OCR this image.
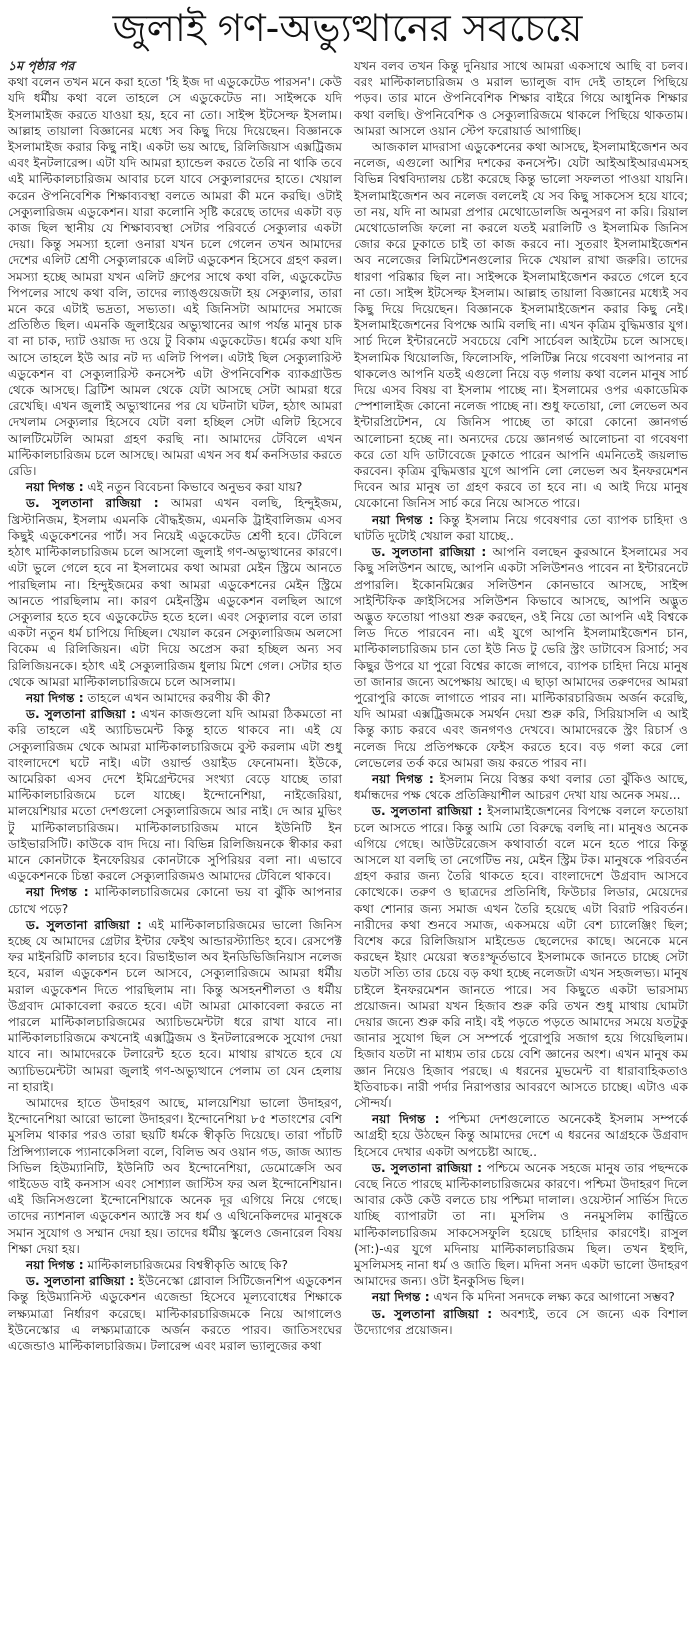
জুলাই গণ-অভ্যুত্থানের সবচেয়ে

১ম পৃষ্ঠার পর

কথা বলেন তখন মনে করা হতো 'হি ইজ দা এডুকেটেড পারসন'। কেউ যদি ধর্মীয় কথা বলে তাহলে সে এডুকেটেড না। সাইন্সকে যদি ইসলামাইজ করতে যাওয়া হয়, হবে না তো। সাইন্স ইটসেল্ফ ইসলাম। আল্লাহ তায়ালা বিজ্ঞানের মধ্যে সব কিছু দিয়ে দিয়েছেন। বিজ্ঞানকে ইসলামাইজ করার কিছু নাই। একটা ভয় আছে, রিলিজিয়াস এক্সট্রিজম এবং ইনটলারেন্স। এটা যদি আমরা হ্যান্ডেল করতে তৈরি না থাকি তবে এই মাল্টিকালচারিজম আবার চলে যাবে সেক্যুলারদের হাতে। খেয়াল করেন ঔপনিবেশিক শিক্ষাব্যবস্থা বলতে আমরা কী মনে করছি। ওটাই সেক্যুলারিজম এডুকেশন। যারা কলোনি সৃষ্টি করেছে তাদের একটা বড় কাজ ছিল স্থানীয় যে শিক্ষাব্যবস্থা সেটার পরিবর্তে সেক্যুলার একটা দেয়া। কিন্তু সমস্যা হলো ওনারা যখন চলে গেলেন তখন আমাদের দেশের এলিট শ্রেণী সেক্যুলারকে এলিট এডুকেশন হিসেবে গ্রহণ করল। সমস্যা হচ্ছে আমরা যখন এলিট গ্রুপের সাথে কথা বলি, এডুকেটেড পিপলের সাথে কথা বলি, তাদের ল্যাঙ্গুয়েজটা হয় সেক্যুলার, তারা মনে করে এটাই ভদ্রতা, সভ্যতা। এই জিনিসটা আমাদের সমাজে প্রতিষ্ঠিত ছিল। এমনকি জুলাইয়ের অভ্যুত্থানের আগ পর্যন্ত মানুষ চাক বা না চাক, দ্যাট ওয়াজ দ্য ওয়ে টু বিকাম এডুকেটেড। ধর্মের কথা যদি আসে তাহলে ইউ আর নট দ্য এলিট পিপল। এটাই ছিল সেক্যুলারিস্ট এডুকেশন বা সেক্যুলারিস্ট কনসেপ্ট এটা ঔপনিবেশিক ব্যাকগ্রাউন্ড থেকে আসছে। ব্রিটিশ আমল থেকে যেটা আসছে সেটা আমরা ধরে রেখেছি। এখন জুলাই অভ্যুত্থানের পর যে ঘটনাটা ঘটল, হঠাৎ আমরা দেখলাম সেক্যুলার হিসেবে যেটা বলা হচ্ছিল সেটা এলিট হিসেবে আলটিমেটলি আমরা গ্রহণ করছি না। আমাদের টেবিলে এখন মাল্টিকালচারিজম চলে আসছে। আমরা এখন সব ধর্ম কনসিডার করতে রেডি।

নয়া দিগন্ত : এই নতুন বিবেচনা কিভাবে অনুভব করা যায়?

ড. সুলতানা রাজিয়া : আমরা এখন বলছি, হিন্দুইজম, খ্রিস্টানিজম, ইসলাম এমনকি বৌদ্ধইজম, এমনকি ট্রাইবালিজম এসব কিছুই এডুকেশনের পার্ট। সব নিয়েই এডুকেটেড শ্রেণী হবে। টেবিলে হঠাৎ মাল্টিকালচারিজম চলে আসলো জুলাই গণ-অভ্যুত্থানের কারণে। এটা ভুলে গেলে হবে না ইসলামের কথা আমরা মেইন স্ট্রিমে আনতে পারছিলাম না। হিন্দুইজমের কথা আমরা এডুকেশনের মেইন স্ট্রিমে আনতে পারছিলাম না। কারণ মেইনস্ট্রিম এডুকেশন বলছিল আগে সেক্যুলার হতে হবে এডুকেটেড হতে হলে। এবং সেক্যুলার বলে তারা একটা নতুন ধর্ম চাপিয়ে দিচ্ছিল। খেয়াল করেন সেক্যুলারিজম অলসো বিকেম এ রিলিজিয়ন। এটা দিয়ে অপ্রেস করা হচ্ছিল অন্য সব রিলিজিয়নকে। হঠাৎ এই সেক্যুলারিজম ধুলায় মিশে গেল। সেটার হাত থেকে আমরা মাল্টিকালচারিজমে চলে আসলাম।

নয়া দিগন্ত : তাহলে এখন আমাদের করণীয় কী কী?

ড. সুলতানা রাজিয়া : এখন কাজগুলো যদি আমরা ঠিকমতো না করি তাহলে এই অ্যাচিভমেন্ট কিন্তু হাতে থাকবে না। এই যে সেক্যুলারিজম থেকে আমরা মাল্টিকালচারিজমে বুস্ট করলাম এটা শুধু বাংলাদেশে ঘটে নাই। এটা ওয়ার্ল্ড ওয়াইড ফেনোমনা। ইউকে, আমেরিকা এসব দেশে ইমিগ্রেন্টদের সংখ্যা বেড়ে যাচ্ছে তারা মাল্টিকালচারিজমে চলে যাচ্ছে। ইন্দোনেশিয়া, নাইজেরিয়া, মালয়েশিয়ার মতো দেশগুলো সেক্যুলারিজমে আর নাই। দে আর মুভিং টু মাল্টিকালচারিজম। মাল্টিকালচারিজম মানে ইউনিটি ইন ডাইভারসিটি। কাউকে বাদ দিয়ে না। বিভিন্ন রিলিজিয়নকে স্বীকার করা মানে কোনটাকে ইনফেরিয়র কোনটাকে সুপিরিয়র বলা না। এভাবে এডুকেশনকে চিন্তা করলে সেক্যুলারিজমও আমাদের টেবিলে থাকবে।

নয়া দিগন্ত : মাল্টিকালচারিজমের কোনো ভয় বা ঝুঁকি আপনার চোখে পড়ে?

ড. সুলতানা রাজিয়া : এই মাল্টিকালচারিজমের ভালো জিনিস হচ্ছে যে আমাদের গ্রেটার ইন্টার ফেইথ আন্ডারস্ট্যান্ডিং হবে। রেসপেক্ট ফর মাইনরিটি কালচার হবে। রিভাইভাল অব ইনডিভিজিনিয়াস নলেজ হবে, মরাল এডুকেশন চলে আসবে, সেক্যুলারিজমে আমরা ধর্মীয় মরাল এডুকেশন দিতে পারছিলাম না। কিন্তু অসহনশীলতা ও ধর্মীয় উগ্রবাদ মোকাবেলা করতে হবে। এটা আমরা মোকাবেলা করতে না পারলে মাল্টিকালচারিজমের অ্যাচিভমেন্টটা ধরে রাখা যাবে না। মাল্টিকালচারিজমে কখনোই এক্সট্রিজম ও ইনটলারেন্সকে সুযোগ দেয়া যাবে না। আমাদেরকে টলারেন্ট হতে হবে। মাথায় রাখতে হবে যে অ্যাচিভমেন্টটা আমরা জুলাই গণ-অভ্যুত্থানে পেলাম তা যেন হেলায় না হারাই।

আমাদের হাতে উদাহরণ আছে, মালয়েশিয়া ভালো উদাহরণ, ইন্দোনেশিয়া আরো ভালো উদাহরণ। ইন্দোনেশিয়া ৮৫ শতাংশের বেশি মুসলিম থাকার পরও তারা ছয়টি ধর্মকে স্বীকৃতি দিয়েছে। তারা পাঁচটি প্রিন্সিপ্যালকে প্যানাকেসিলা বলে, বিলিভ অব ওয়ান গড, জাজ অ্যান্ড সিভিল হিউম্যানিটি, ইউনিটি অব ইন্দোনেশিয়া, ডেমোক্রেসি অব গাইডেড বাই কনসাস এবং সোশ্যাল জাস্টিস ফর অল ইন্দোনেশিয়ান। এই জিনিসগুলো ইন্দোনেশিয়াকে অনেক দূর এগিয়ে নিয়ে গেছে। তাদের ন্যাশনাল এডুকেশন অ্যাক্টে সব ধর্ম ও এথিনেকিলদের মানুষকে সমান সুযোগ ও সম্মান দেয়া হয়। তাদের ধর্মীয় স্কুলেও জেনারেল বিষয় শিক্ষা দেয়া হয়।

নয়া দিগন্ত : মাল্টিকালচারিজমের বিশ্বস্বীকৃতি আছে কি?

ড. সুলতানা রাজিয়া : ইউনেস্কো গ্লোবাল সিটিজেনশিপ এডুকেশন কিন্তু হিউম্যানিস্ট এডুকেশন এজেন্ডা হিসেবে মূল্যবোধের শিক্ষাকে লক্ষ্যমাত্রা নির্ধারণ করেছে। মাল্টিকারচারিজমকে নিয়ে আগালেও ইউনেস্কোর এ লক্ষ্যমাত্রাকে অর্জন করতে পারব। জাতিসংঘের এজেন্ডাও মাল্টিকালচারিজম। টলারেন্স এবং মরাল ভ্যালুজের কথা

যখন বলব তখন কিন্তু দুনিয়ার সাথে আমরা একসাথে আছি বা চলব। বরং মাল্টিকালচারিজম ও মরাল ভ্যালুজ বাদ দেই তাহলে পিছিয়ে পড়ব। তার মানে ঔপনিবেশিক শিক্ষার বাইরে গিয়ে আধুনিক শিক্ষার কথা বলছি। ঔপনিবেশিক ও সেক্যুলারিজমে থাকলে পিছিয়ে থাকতাম। আমরা আসলে ওয়ান স্টেপ ফরোয়ার্ড আগাচ্ছি।

আজকাল মাদরাসা এডুকেশনের কথা আসছে, ইসলামাইজেশন অব নলেজ, এগুলো আশির দশকের কনসেপ্ট। যেটা আইআইআরএমসহ বিভিন্ন বিশ্ববিদ্যালয় চেষ্টা করেছে কিন্তু ভালো সফলতা পাওয়া যায়নি। ইসলামাইজেশন অব নলেজ বললেই যে সব কিছু সাকসেস হয়ে যাবে; তা নয়, যদি না আমরা প্রপার মেথোডোলজি অনুসরণ না করি। রিয়াল মেথোডোলজি ফলো না করলে যতই মরালিটি ও ইসলামিক জিনিস জোর করে ঢুকাতে চাই তা কাজ করবে না। সুতরাং ইসলামাইজেশন অব নলেজের লিমিটেশনগুলোর দিকে খেয়াল রাখা জরুরি। তাদের ধারণা পরিষ্কার ছিল না। সাইন্সকে ইসলামাইজেশন করতে গেলে হবে না তো। সাইন্স ইটসেল্ফ ইসলাম। আল্লাহ তায়ালা বিজ্ঞানের মধ্যেই সব কিছু দিয়ে দিয়েছেন। বিজ্ঞানকে ইসলামাইজেশন করার কিছু নেই। ইসলামাইজেশনের বিপক্ষে আমি বলছি না। এখন কৃত্রিম বুদ্ধিমত্তার যুগ। সার্চ দিলে ইন্টারনেটে সবচেয়ে বেশি সার্চেবল আইটেম চলে আসছে। ইসলামিক থিয়োলজি, ফিলোসফি, পলিটিক্স নিয়ে গবেষণা আপনার না থাকলেও আপনি যতই এগুলো নিয়ে বড় গলায় কথা বলেন মানুষ সার্চ দিয়ে এসব বিষয় বা ইসলাম পাচ্ছে না। ইসলামের ওপর একাডেমিক স্পেশালাইজ কোনো নলেজ পাচ্ছে না। শুধু ফতোয়া, লো লেভেল অব ইন্টারপ্রিটেশন, যে জিনিস পাচ্ছে তা কারো কোনো জ্ঞানগর্ভ আলোচনা হচ্ছে না। অন্যদের চেয়ে জ্ঞানগর্ভ আলোচনা বা গবেষণা করে তো যদি ডাটাবেজে ঢুকাতে পারেন আপনি এমনিতেই জয়লাভ করবেন। কৃত্রিম বুদ্ধিমত্তার যুগে আপনি লো লেভেল অব ইনফরমেশন দিবেন আর মানুষ তা গ্রহণ করবে তা হবে না। এ আই দিয়ে মানুষ যেকোনো জিনিস সার্চ করে নিয়ে আসতে পারে।

নয়া দিগন্ত : কিন্তু ইসলাম নিয়ে গবেষণার তো ব্যাপক চাহিদা ও ঘাটতি দুটোই খেয়াল করা যাচ্ছে..

ড. সুলতানা রাজিয়া : আপনি বলছেন কুরআনে ইসলামের সব কিছু সলিউশন আছে, আপনি একটা সলিউশনও পাবেন না ইন্টারনেটে প্রপারলি। ইকোনমিক্সের সলিউশন কোনভাবে আসছে, সাইন্স সাইন্টিফিক ক্রাইসিসের সলিউশন কিভাবে আসছে, আপনি অদ্ভুত অদ্ভুত ফতোয়া পাওয়া শুরু করছেন, ওই নিয়ে তো আপনি এই বিশ্বকে লিড দিতে পারবেন না। এই যুগে আপনি ইসলামাইজেশন চান, মাল্টিকালচারিজম চান তো ইউ নিড টু ভেরি স্ট্রং ডাটাবেস রিসার্চ; সব কিছুর উপরে যা পুরো বিশ্বের কাজে লাগবে, ব্যাপক চাহিদা নিয়ে মানুষ তা জানার জন্যে অপেক্ষায় আছে। এ ছাড়া আমাদের তরুণদের আমরা পুরোপুরি কাজে লাগাতে পারব না। মাল্টিকারচারিজম অর্জন করেছি, যদি আমরা এক্সট্রিজমকে সমর্থন দেয়া শুরু করি, সিরিয়াসলি এ আই কিন্তু ক্যাচ করবে এবং জনগণও দেখবে। আমাদেরকে স্ট্রং রিচার্স ও নলেজ দিয়ে প্রতিপক্ষকে ফেইস করতে হবে। বড় গলা করে লো লেভেলের তর্ক করে আমরা জয় করতে পারব না।

নয়া দিগন্ত : ইসলাম নিয়ে বিস্তর কথা বলার তো ঝুঁকিও আছে, ধর্মান্ধদের পক্ষ থেকে প্রতিক্রিয়াশীল আচরণ দেখা যায় অনেক সময়...

ড. সুলতানা রাজিয়া : ইসলামাইজেশনের বিপক্ষে বললে ফতোয়া চলে আসতে পারে। কিন্তু আমি তো বিরুদ্ধে বলছি না। মানুষও অনেক এগিয়ে গেছে। আউটরেজেস কথাবার্তা বলে মনে হতে পারে কিন্তু আসলে যা বলছি তা নেগেটিভ নয়, মেইন স্ট্রিম টক। মানুষকে পরিবর্তন গ্রহণ করার জন্য তৈরি থাকতে হবে। বাংলাদেশে উগ্রবাদ আসবে কোত্থেকে। তরুণ ও ছাত্রদের প্রতিনিধি, ফিউচার লিডার, মেয়েদের কথা শোনার জন্য সমাজ এখন তৈরি হয়েছে এটা বিরাট পরিবর্তন। নারীদের কথা শুনবে সমাজ, একসময়ে এটা বেশ চ্যালেঞ্জিং ছিল; বিশেষ করে রিলিজিয়াস মাইন্ডেড ছেলেদের কাছে। অনেকে মনে করছেন ইয়াং মেয়েরা স্বতঃস্ফূর্তভাবে ইসলামকে জানতে চাচ্ছে সেটা যতটা সত্যি তার চেয়ে বড় কথা হচ্ছে নলেজটা এখন সহজলভ্য। মানুষ চাইলে ইনফরমেশন জানতে পারে। সব কিছুতে একটা ভারসাম্য প্রয়োজন। আমরা যখন হিজাব শুরু করি তখন শুধু মাথায় ঘোমটা দেয়ার জন্যে শুরু করি নাই। বই পড়তে পড়তে আমাদের সময়ে যতটুকু জানার সুযোগ ছিল সে সম্পর্কে পুরোপুরি সজাগ হয়ে গিয়েছিলাম। হিজাব যতটা না মাধ্যম তার চেয়ে বেশি জ্ঞানের অংশ। এখন মানুষ কম জ্ঞান নিয়েও হিজাব পরছে। এ ধরনের মুভমেন্ট বা ধারাবাহিকতাও ইতিবাচক। নারী পর্দার নিরাপত্তার আবরণে আসতে চাচ্ছে। এটাও এক সৌন্দর্য।

নয়া দিগন্ত : পশ্চিমা দেশগুলোতে অনেকেই ইসলাম সম্পর্কে আগ্রহী হয়ে উঠছেন কিন্তু আমাদের দেশে এ ধরনের আগ্রহকে উগ্রবাদ হিসেবে দেখার একটা অপচেষ্টা আছে..

ড. সুলতানা রাজিয়া : পশ্চিমে অনেক সহজে মানুষ তার পছন্দকে বেছে নিতে পারছে মাল্টিকালচারিজমের কারণে। পশ্চিমা উদাহরণ দিলে আবার কেউ কেউ বলতে চায় পশ্চিমা দালাল। ওয়েস্টার্ন সার্ভিস দিতে যাচ্ছি ব্যাপারটা তা না। মুসলিম ও ননমুসলিম কান্ট্রিতে মাল্টিকালচারিজম সাকসেসফুলি হয়েছে চাহিদার কারণেই। রাসুল (সা:)-এর যুগে মদিনায় মাল্টিকালচারিজম ছিল। তখন ইহুদি, মুসলিমসহ নানা ধর্ম ও জাতি ছিল। মদিনা সনদ একটা ভালো উদাহরণ আমাদের জন্য। ওটা ইনকুসিভ ছিল।

নয়া দিগন্ত : এখন কি মদিনা সনদকে লক্ষ্য করে আগানো সম্ভব?

ড. সুলতানা রাজিয়া : অবশ্যই, তবে সে জন্যে এক বিশাল উদ্যোগের প্রয়োজন।
